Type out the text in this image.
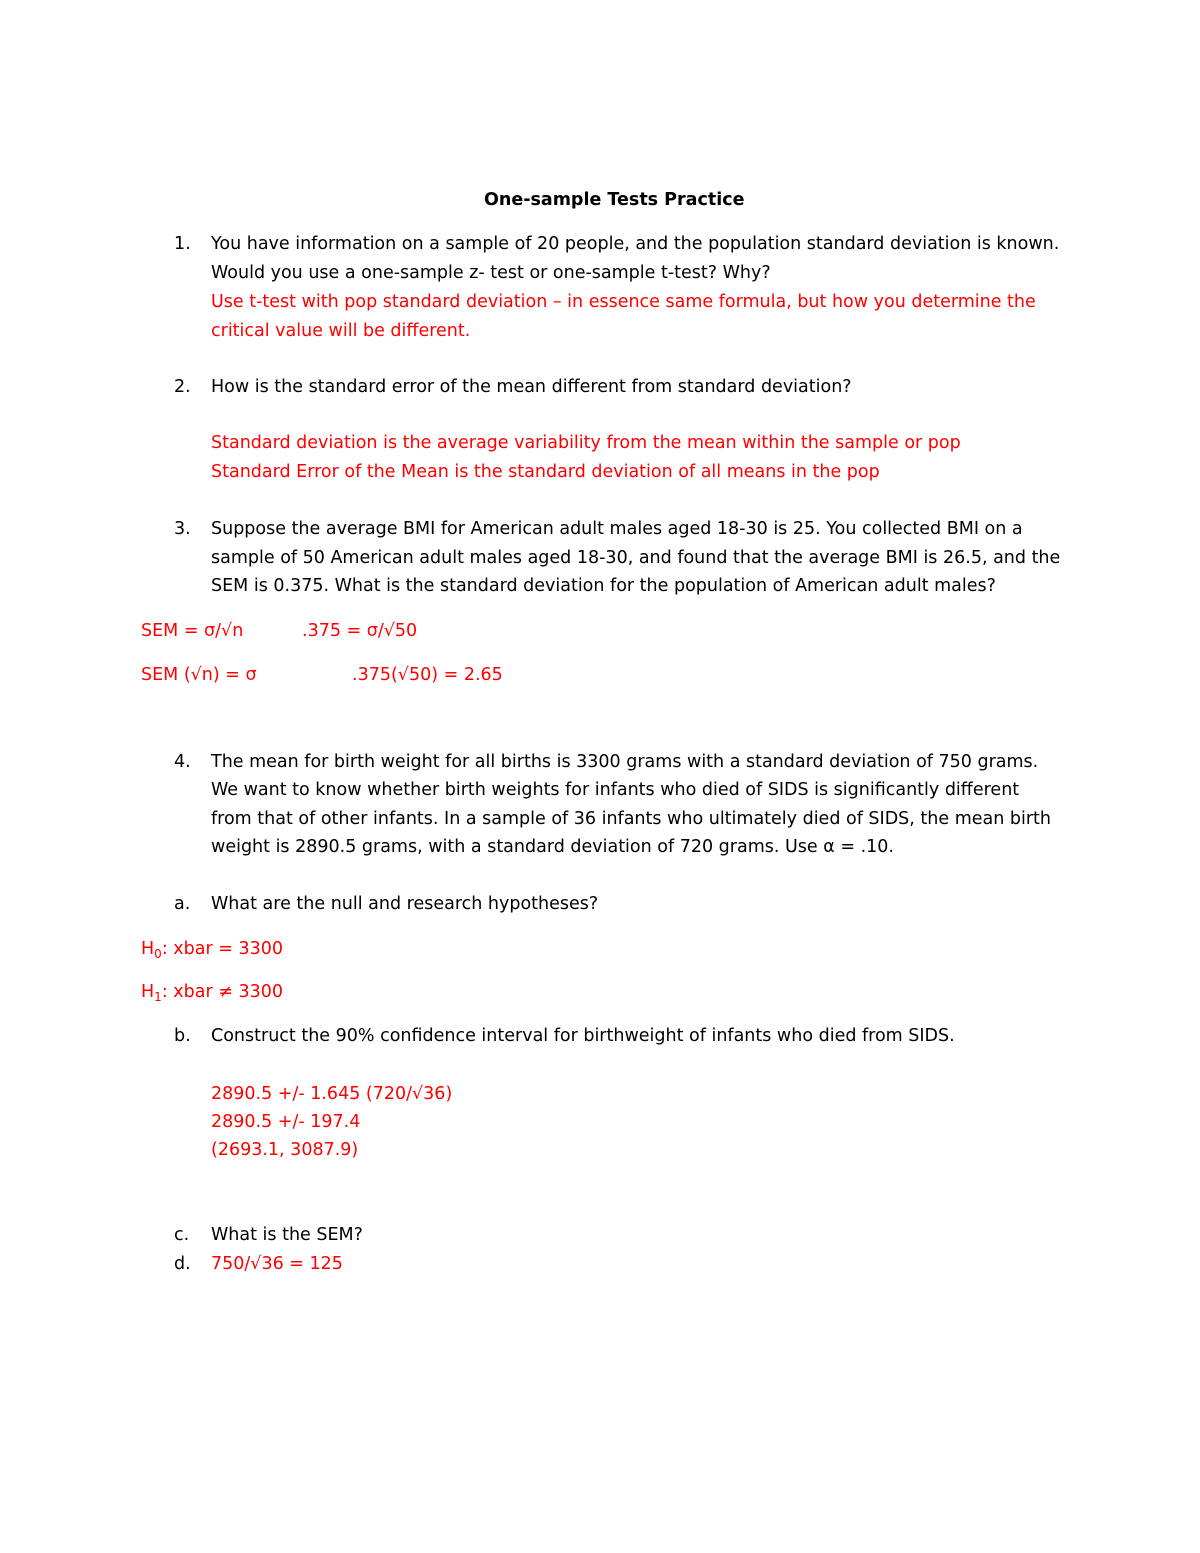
One-sample Tests Practice
1. You have information on a sample of 20 people, and the population standard deviation is known.
Would you use a one-sample z- test or one-sample t-test? Why?
Use t-test with pop standard deviation – in essence same formula, but how you determine the
critical value will be different.
2. How is the standard error of the mean different from standard deviation?
Standard deviation is the average variability from the mean within the sample or pop
Standard Error of the Mean is the standard deviation of all means in the pop
3. Suppose the average BMI for American adult males aged 18-30 is 25. You collected BMI on a
sample of 50 American adult males aged 18-30, and found that the average BMI is 26.5, and the
SEM is 0.375. What is the standard deviation for the population of American adult males?
SEM = σ/√n	.375 = σ/√50
SEM (√n) = σ	.375(√50) = 2.65
4. The mean for birth weight for all births is 3300 grams with a standard deviation of 750 grams.
We want to know whether birth weights for infants who died of SIDS is significantly different
from that of other infants. In a sample of 36 infants who ultimately died of SIDS, the mean birth
weight is 2890.5 grams, with a standard deviation of 720 grams. Use α = .10.
a. What are the null and research hypotheses?
$H_0$: xbar = 3300
$H_1$: xbar ≠ 3300
b. Construct the 90% confidence interval for birthweight of infants who died from SIDS.
2890.5 +/- 1.645 (720/√36)
2890.5 +/- 197.4
(2693.1, 3087.9)
c. What is the SEM?
d. 750/√36 = 125
